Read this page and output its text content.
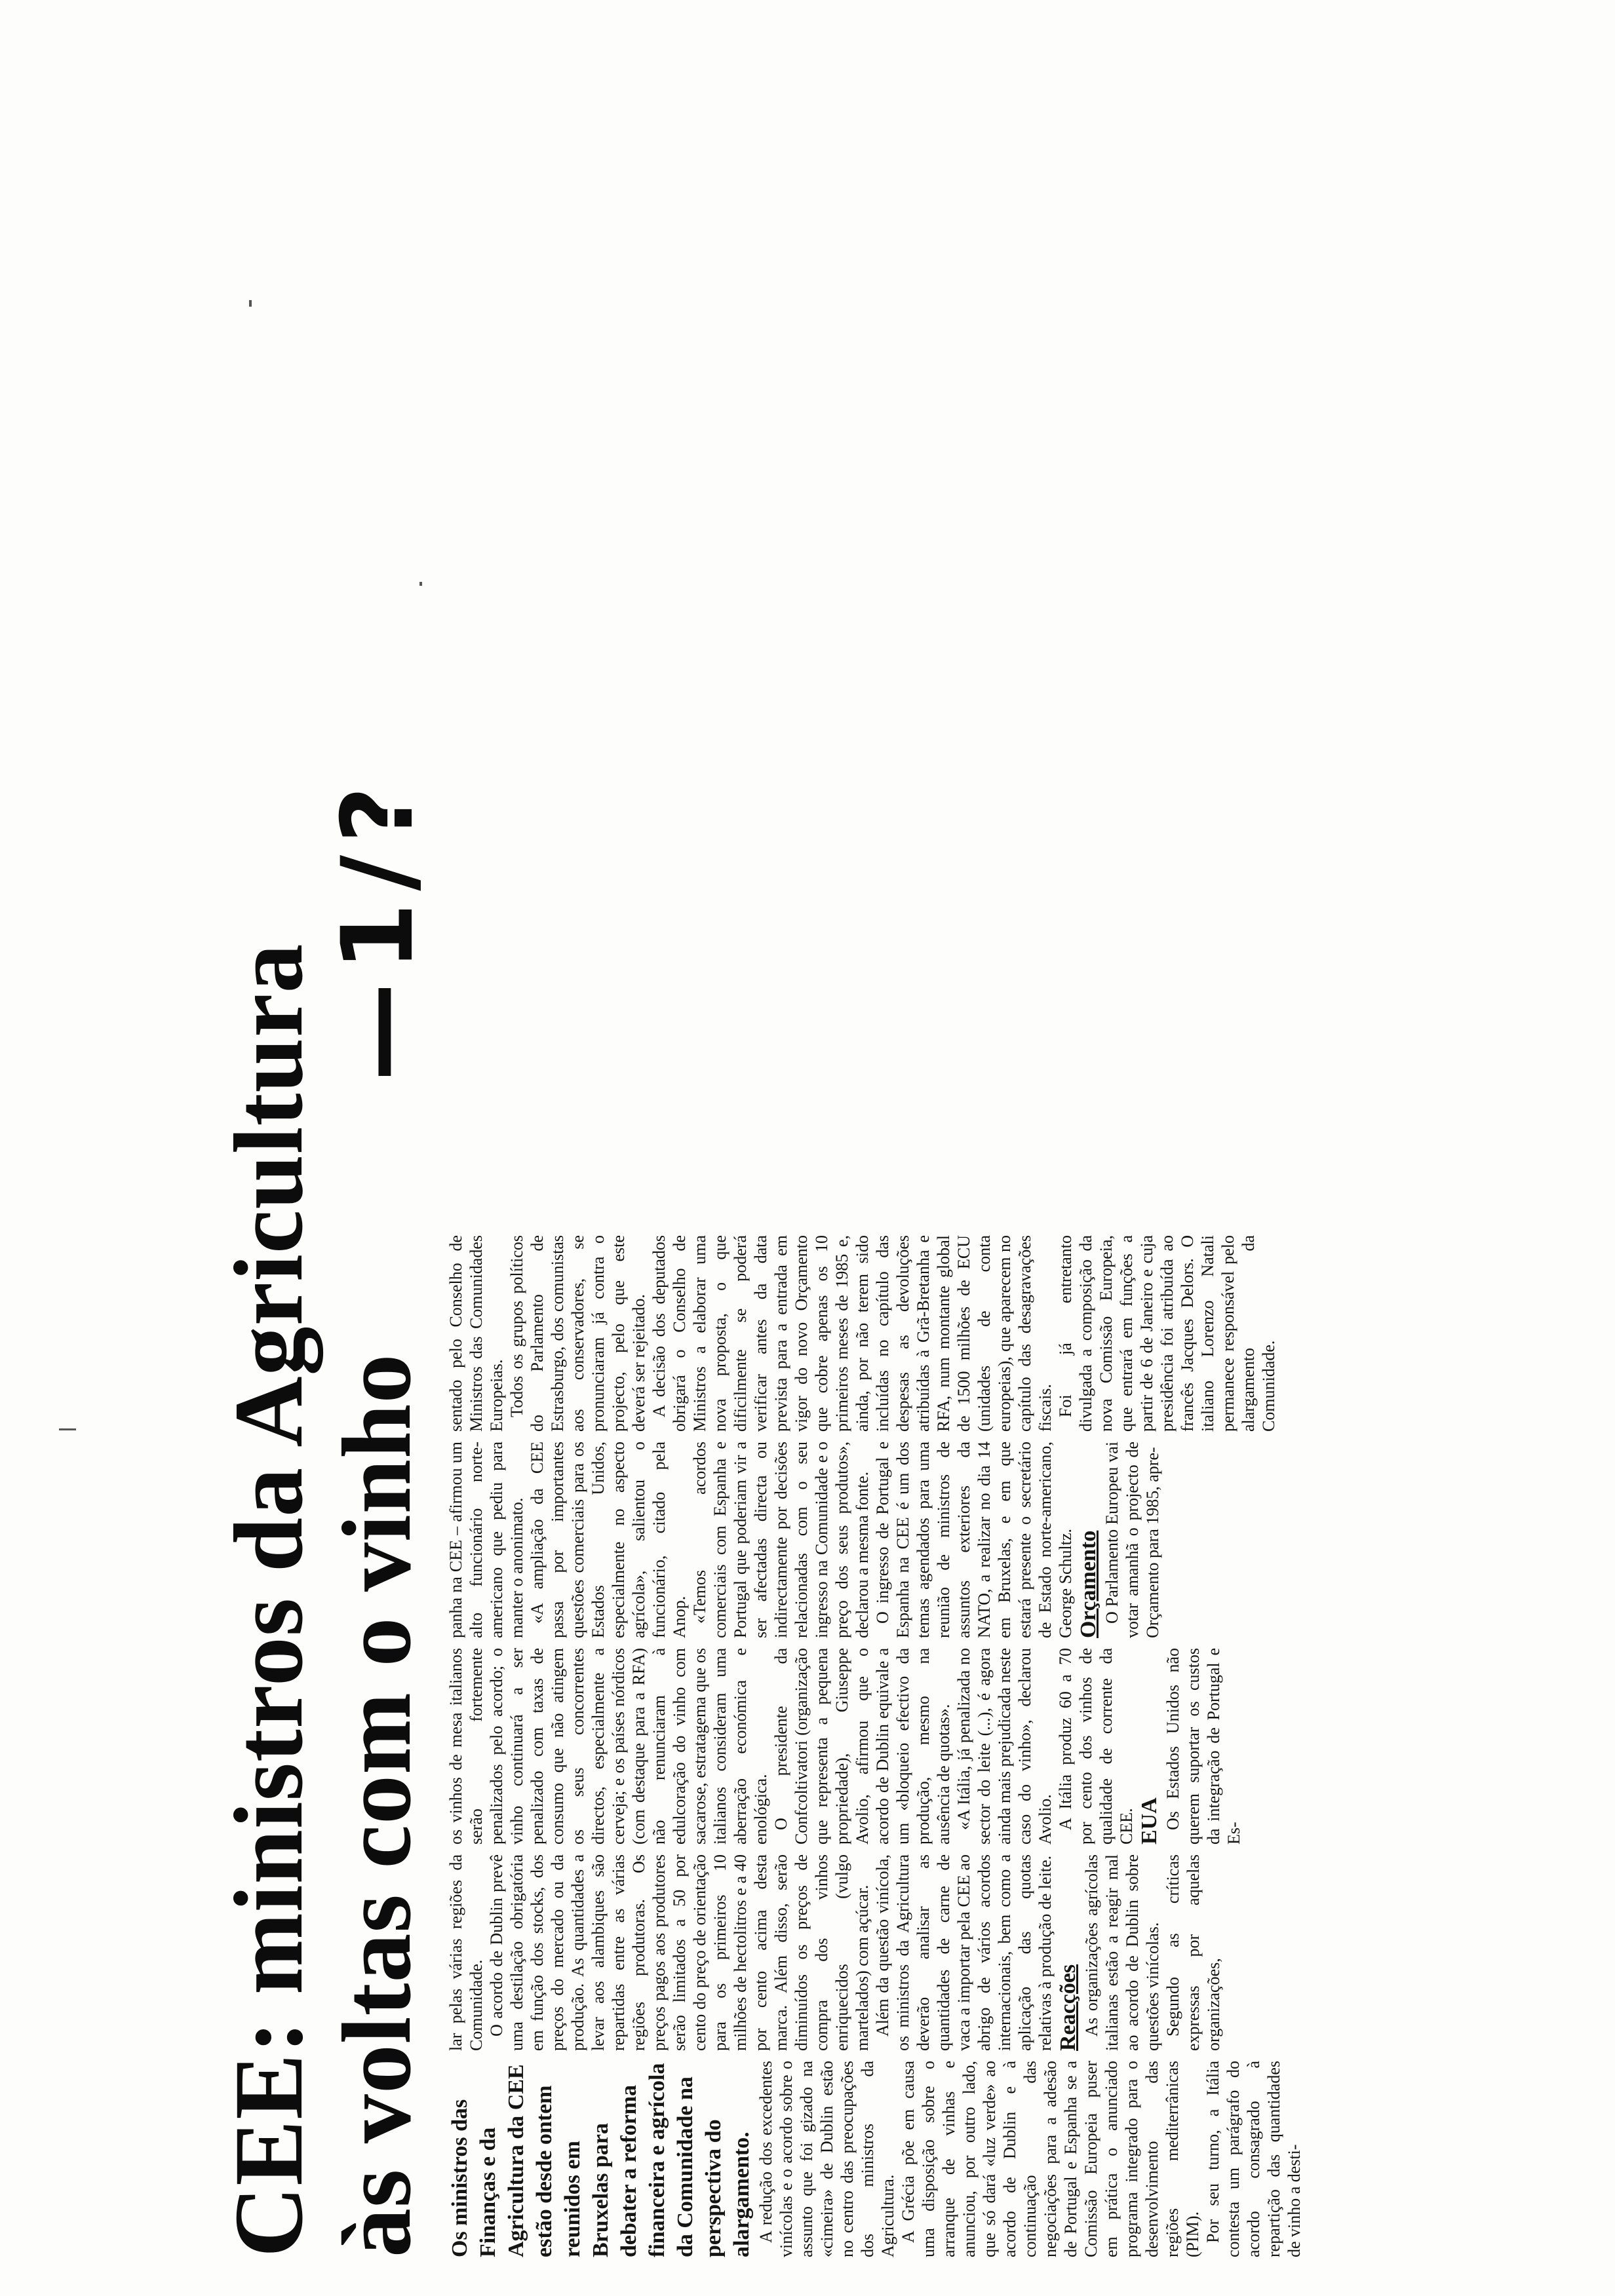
CEE: ministros da Agricultura às voltas com o vinho
—1/?

Os ministros das Finanças e da Agricultura da CEE estão desde ontem reunidos em Bruxelas para debater a reforma financeira e agrícola da Comunidade na perspectiva do alargamento. A redução dos excedentes vinícolas e o acordo sobre o assunto que foi gizado na «cimeira» de Dublin estão no centro das preocupações dos ministros da Agricultura. A Grécia põe em causa uma disposição sobre o arranque de vinhas e anunciou, por outro lado, que só dará «luz verde» ao acordo de Dublin e à continuação das negociações para a adesão de Portugal e Espanha se a Comissão Europeia puser em prática o anunciado programa integrado para o desenvolvimento das regiões mediterrânicas (PIM). Por seu turno, a Itália contesta um parágrafo do acordo consagrado à repartição das quantidades de vinho a desti-

lar pelas várias regiões da Comunidade. O acordo de Dublin prevê uma destilação obrigatória em função dos stocks, dos preços do mercado ou da produção. As quantidades a levar aos alambiques são repartidas entre as várias regiões produtoras. Os preços pagos aos produtores serão limitados a 50 por cento do preço de orientação para os primeiros 10 milhões de hectolitros e a 40 por cento acima desta marca. Além disso, serão diminuídos os preços de compra dos vinhos enriquecidos (vulgo martelados) com açúcar. Além da questão vinícola, os ministros da Agricultura deverão analisar as quantidades de carne de vaca a importar pela CEE ao abrigo de vários acordos internacionais, bem como a aplicação das quotas relativas à produção de leite. Reacções As organizações agrícolas italianas estão a reagir mal ao acordo de Dublin sobre questões vinícolas. Segundo as críticas expressas por aquelas organizações,

os vinhos de mesa italianos serão fortemente penalizados pelo acordo; o vinho continuará a ser penalizado com taxas de consumo que não atingem os seus concorrentes directos, especialmente a cerveja; e os países nórdicos (com destaque para a RFA) não renunciaram à edulcoração do vinho com sacarose, estratagema que os italianos consideram uma aberração económica e enológica. O presidente da Confcoltivatori (organização que representa a pequena propriedade), Giuseppe Avolio, afirmou que o acordo de Dublin equivale a um «bloqueio efectivo da produção, mesmo na ausência de quotas». «A Itália, já penalizada no sector do leite (...), é agora ainda mais prejudicada neste caso do vinho», declarou Avolio. A Itália produz 60 a 70 por cento dos vinhos de qualidade de corrente da CEE. EUA Os Estados Unidos não querem suportar os custos da integração de Portugal e Es-

panha na CEE – afirmou um alto funcionário norte-americano que pediu para manter o anonimato. «A ampliação da CEE passa por importantes questões comerciais para os Estados Unidos, especialmente no aspecto agrícola», salientou o funcionário, citado pela Anop. «Temos acordos comerciais com Espanha e Portugal que poderiam vir a ser afectadas directa ou indirectamente por decisões relacionadas com o seu ingresso na Comunidade e o preço dos seus produtos», declarou a mesma fonte. O ingresso de Portugal e Espanha na CEE é um dos temas agendados para uma reunião de ministros de assuntos exteriores da NATO, a realizar no dia 14 em Bruxelas, e em que estará presente o secretário de Estado norte-americano, George Schultz. Orçamento O Parlamento Europeu vai votar amanhã o projecto de Orçamento para 1985, apre-

sentado pelo Conselho de Ministros das Comunidades Europeias. Todos os grupos políticos do Parlamento de Estrasburgo, dos comunistas aos conservadores, se pronunciaram já contra o projecto, pelo que este deverá ser rejeitado. A decisão dos deputados obrigará o Conselho de Ministros a elaborar uma nova proposta, o que dificilmente se poderá verificar antes da data prevista para a entrada em vigor do novo Orçamento que cobre apenas os 10 primeiros meses de 1985 e, ainda, por não terem sido incluídas no capítulo das despesas as devoluções atribuídas à Grã-Bretanha e RFA, num montante global de 1500 milhões de ECU (unidades de conta europeias), que aparecem no capítulo das desagravações fiscais. Foi já entretanto divulgada a composição da nova Comissão Europeia, que entrará em funções a partir de 6 de Janeiro e cuja presidência foi atribuída ao francês Jacques Delors. O italiano Lorenzo Natali permanece responsável pelo alargamento da Comunidade.
